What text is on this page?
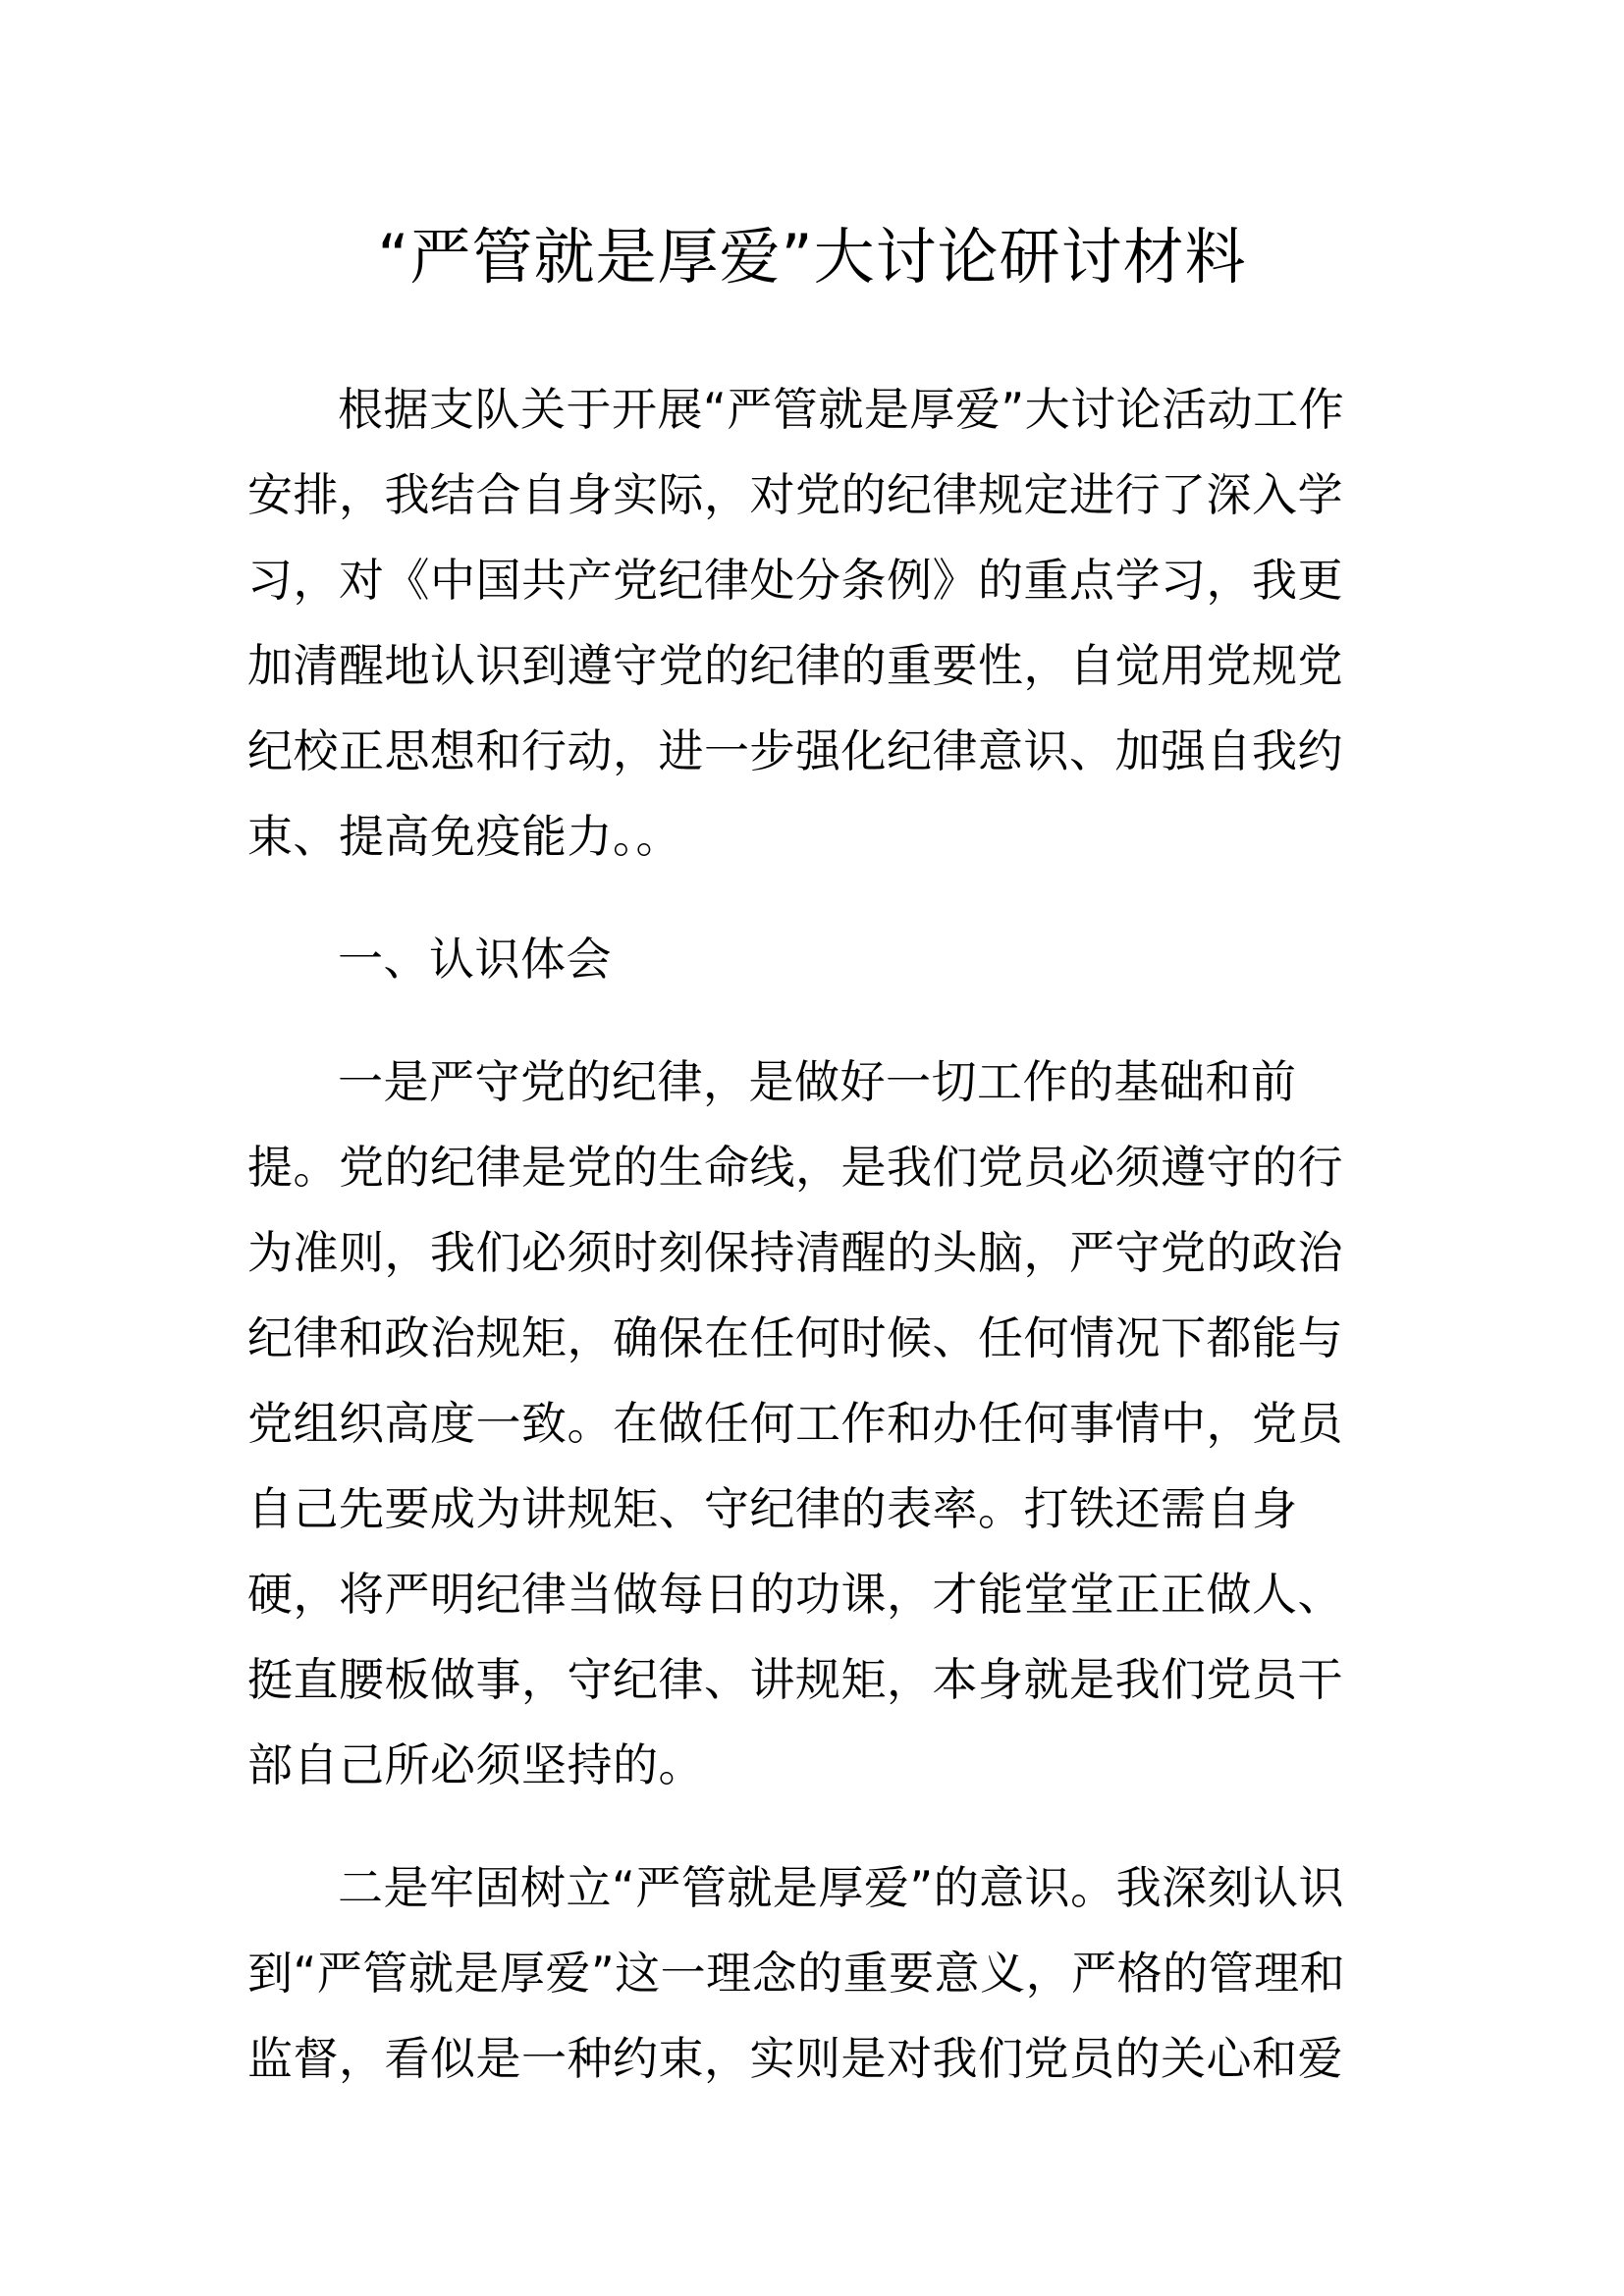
“严管就是厚爱”大讨论研讨材料

根据支队关于开展“严管就是厚爱”大讨论活动工作安排，我结合自身实际，对党的纪律规定进行了深入学习，对《中国共产党纪律处分条例》的重点学习，我更加清醒地认识到遵守党的纪律的重要性，自觉用党规党纪校正思想和行动，进一步强化纪律意识、加强自我约束、提高免疫能力。。

一、认识体会

一是严守党的纪律，是做好一切工作的基础和前提。党的纪律是党的生命线，是我们党员必须遵守的行为准则，我们必须时刻保持清醒的头脑，严守党的政治纪律和政治规矩，确保在任何时候、任何情况下都能与党组织高度一致。在做任何工作和办任何事情中，党员自己先要成为讲规矩、守纪律的表率。打铁还需自身硬，将严明纪律当做每日的功课，才能堂堂正正做人、挺直腰板做事，守纪律、讲规矩，本身就是我们党员干部自己所必须坚持的。

二是牢固树立“严管就是厚爱”的意识。我深刻认识到“严管就是厚爱”这一理念的重要意义，严格的管理和监督，看似是一种约束，实则是对我们党员的关心和爱
